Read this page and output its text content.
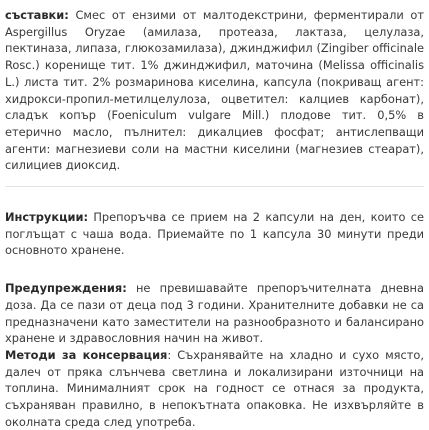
съставки: Смес от ензими от малтодекстрини, ферментирали от Aspergillus Oryzae (амилаза, протеаза, лактаза, целулаза, пектиназа, липаза, глюкозамилаза), джинджифил (Zingiber officinale Rosc.) коренище тит. 1% джинджифил, маточина (Melissa officinalis L.) листа тит. 2% розмаринова киселина, капсула (покриващ агент: хидрокси-пропил-метилцелулоза, оцветител: калциев карбонат), сладък копър (Foeniculum vulgare Mill.) плодове тит. 0,5% в етерично масло, пълнител: дикалциев фосфат; антислепващи агенти: магнезиеви соли на мастни киселини (магнезиев стеарат), силициев диоксид.

Инструкции: Препоръчва се прием на 2 капсули на ден, които се поглъщат с чаша вода. Приемайте по 1 капсула 30 минути преди основното хранене.

Предупреждения: не превишавайте препоръчителната дневна доза. Да се пази от деца под 3 години. Хранителните добавки не са предназначени като заместители на разнообразното и балансирано хранене и здравословния начин на живот.

Методи за консервация: Съхранявайте на хладно и сухо място, далеч от пряка слънчева светлина и локализирани източници на топлина. Минималният срок на годност се отнася за продукта, съхраняван правилно, в непокътната опаковка. Не изхвърляйте в околната среда след употреба.
